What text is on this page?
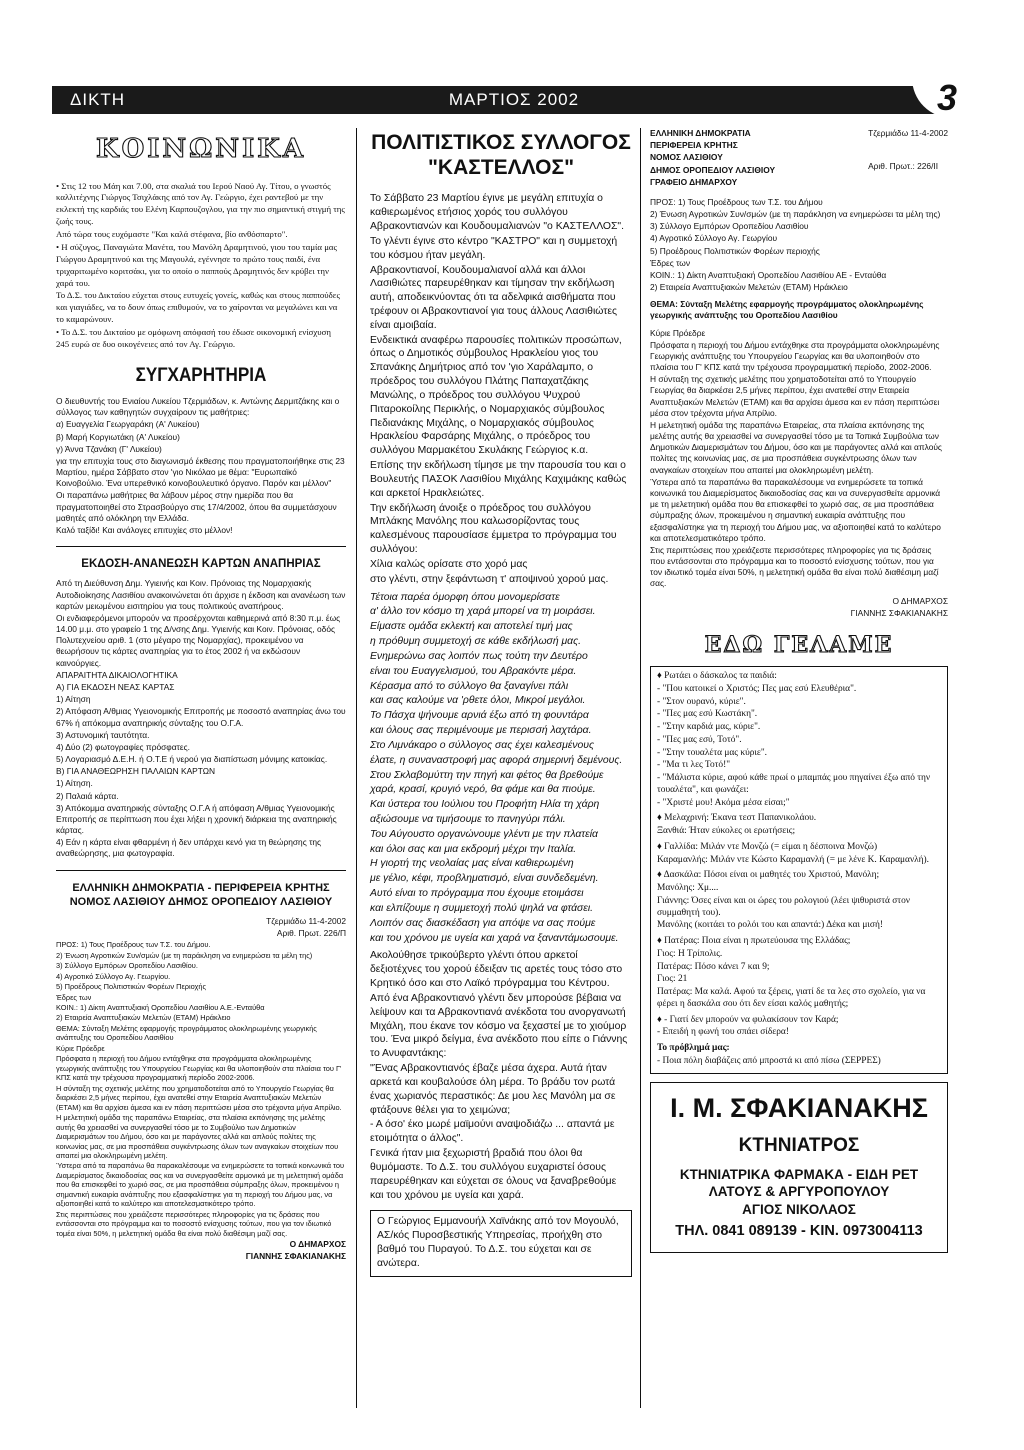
ΔΙΚΤΗ	ΜΑΡΤΙΟΣ 2002	3
ΚΟΙΝΩΝΙΚΑ

• Στις 12 του Μάη και 7.00, στα σκαλιά του Ιερού Ναού Αγ. Τίτου, ο γνωστός καλλιτέχνης Γιώργος Τσιχλάκης από τον Αγ. Γεώργιο, έχει ραντεβού με την εκλεκτή της καρδιάς του Ελένη Καρπουζογλου, για την πιο σημαντική στιγμή της ζωής τους.

Από τώρα τους ευχόμαστε "Και καλά στέφανα, βίο ανθόσπαρτο".

• Η σύζυγος, Παναγιώτα Μανέτα, του Μανόλη Δραμητινού, γιου του ταμία μας Γιώργου Δραμητινού και της Μαγουλά, εγέννησε το πρώτο τους παιδί, ένα τριχαριτωμένο κοριτσάκι, για το οποίο ο παππούς Δραμητινός δεν κρύβει την χαρά του.

Το Δ.Σ. του Δικταίου εύχεται στους ευτυχείς γονείς, καθώς και στους παππούδες και γιαγιάδες, να το δουν όπως επιθυμούν, να το χαίρονται να μεγαλώνει και να το καμαρώνουν.

• Το Δ.Σ. του Δικταίου με ομόφωνη απόφασή του έδωσε οικονομική ενίσχυση 245 ευρώ σε δυο οικογένειες από τον Αγ. Γεώργιο.

ΣΥΓΧΑΡΗΤΗΡΙΑ

Ο διευθυντής του Ενιαίου Λυκείου Τζερμιάδων, κ. Αντώνης Δερμιτζάκης και ο σύλλογος των καθηγητών συγχαίρουν τις μαθήτριες:

α) Ευαγγελία Γεωργαράκη (Α' Λυκείου)

β) Μαρή Κοργιωτάκη (Α' Λυκείου)

γ) Άννα Τζανάκη (Γ' Λυκείου)

για την επιτυχία τους στο διαγωνισμό έκθεσης που πραγματοποιήθηκε στις 23 Μαρτίου, ημέρα Σάββατο στον 'γιο Νικόλαο με θέμα: "Ευρωπαϊκό Κοινοβούλιο. Ένα υπερεθνικό κοινοβουλευτικό όργανο. Παρόν και μέλλον"

Οι παραπάνω μαθήτριες θα λάβουν μέρος στην ημερίδα που θα πραγματοποιηθεί στο Στρασβούργο στις 17/4/2002, όπου θα συμμετάσχουν μαθητές από ολόκληρη την Ελλάδα.

Καλό ταξίδι! Και ανάλογες επιτυχίες στο μέλλον!

ΕΚΔΟΣΗ-ΑΝΑΝΕΩΣΗ ΚΑΡΤΩΝ ΑΝΑΠΗΡΙΑΣ

Από τη Διεύθυνση Δημ. Υγιεινής και Κοιν. Πρόνοιας της Νομαρχιακής Αυτοδιοίκησης Λασιθίου ανακοινώνεται ότι άρχισε η έκδοση και ανανέωση των καρτών μειωμένου εισιτηρίου για τους πολιτικούς αναπήρους.

Οι ενδιαφερόμενοι μπορούν να προσέρχονται καθημερινά από 8:30 π.μ. έως 14.00 μ.μ. στο γραφείο 1 της Δ/νσης Δημ. Υγιεινής και Κοιν. Πρόνοιας, οδός Πολυτεχνείου αριθ. 1 (στο μέγαρο της Νομαρχίας), προκειμένου να θεωρήσουν τις κάρτες αναπηρίας για το έτος 2002 ή να εκδώσουν καινούργιες.

ΑΠΑΡΑΙΤΗΤΑ ΔΙΚΑΙΟΛΟΓΗΤΙΚΑ

Α) ΓΙΑ ΕΚΔΟΣΗ ΝΕΑΣ ΚΑΡΤΑΣ

1) Αίτηση

2) Απόφαση Α/θμιας Υγειονομικής Επιτροπής με ποσοστό αναπηρίας άνω του 67% ή απόκομμα αναπηρικής σύνταξης του Ο.Γ.Α.

3) Αστυνομική ταυτότητα.

4) Δύο (2) φωτογραφίες πρόσφατες.

5) Λογαριασμό Δ.Ε.Η. ή Ο.Τ.Ε ή νερού για διαπίστωση μόνιμης κατοικίας.

Β) ΓΙΑ ΑΝΑΘΕΩΡΗΣΗ ΠΑΛΑΙΩΝ ΚΑΡΤΩΝ

1) Αίτηση.

2) Παλαιά κάρτα.

3) Απόκομμα αναπηρικής σύνταξης Ο.Γ.Α ή απόφαση Α/θμιας Υγειονομικής Επιτροπής σε περίπτωση που έχει λήξει η χρονική διάρκεια της αναπηρικής κάρτας.

4) Εάν η κάρτα είναι φθαρμένη ή δεν υπάρχει κενό για τη θεώρησης της αναθεώρησης, μια φωτογραφία.

ΕΛΛΗΝΙΚΗ ΔΗΜΟΚΡΑΤΙΑ - ΠΕΡΙΦΕΡΕΙΑ ΚΡΗΤΗΣ ΝΟΜΟΣ ΛΑΣΙΘΙΟΥ ΔΗΜΟΣ ΟΡΟΠΕΔΙΟΥ ΛΑΣΙΘΙΟΥ

Τζερμιάδω 11-4-2002

Αριθ. Πρωτ. 226/Π

ΠΡΟΣ: 1) Τους Προέδρους των Τ.Σ. του Δήμου.

2) Ένωση Αγροτικών Συν/σμών (με τη παράκληση να ενημερώσει τα μέλη της)

3) Σύλλογο Εμπόρων Οροπεδίου Λασιθίου.

4) Αγροτικό Σύλλογο Αγ. Γεωργίου.

5) Προέδρους Πολιτιστικών Φορέων Περιοχής

Έδρες των

ΚΟΙΝ.: 1) Δίκτη Αναπτυξιακή Οροπεδίου Λασιθίου Α.Ε.-Ενταύθα

2) Εταιρεία Αναπτυξιακών Μελετών (ΕΤΑΜ) Ηράκλειο

ΘΕΜΑ: Σύνταξη Μελέτης εφαρμογής προγράμματος ολοκληρωμένης γεωργικής ανάπτυξης του Οροπεδίου Λασιθίου

Κύριε Πρόεδρε

Πρόσφατα η περιοχή του Δήμου εντάχθηκε στα προγράμματα ολοκληρωμένης γεωργικής ανάπτυξης του Υπουργείου Γεωργίας και θα υλοποιηθούν στα πλαίσια του Γ' ΚΠΣ κατά την τρέχουσα προγραμματική περίοδο 2002-2006.

Η σύνταξη της σχετικής μελέτης που χρηματοδοτείται από το Υπουργείο Γεωργίας θα διαρκέσει 2,5 μήνες περίπου, έχει ανατεθεί στην Εταιρεία Αναπτυξιακών Μελετών (ΕΤΑΜ) και θα αρχίσει άμεσα και εν πάση περιπτώσει μέσα στο τρέχοντα μήνα Απρίλιο.

Η μελετητική ομάδα της παραπάνω Εταιρείας, στα πλαίσια εκπόνησης της μελέτης αυτής θα χρειασθεί να συνεργασθεί τόσο με το Συμβούλιο των Δημοτικών Διαμερισμάτων του Δήμου, όσο και με παράγοντες αλλά και απλούς πολίτες της κοινωνίας μας, σε μια προσπάθεια συγκέντρωσης όλων των αναγκαίων στοιχείων που απαιτεί μια ολοκληρωμένη μελέτη.

Ύστερα από τα παραπάνω θα παρακαλέσουμε να ενημερώσετε τα τοπικά κοινωνικά του Διαμερίσματος δικαιοδοσίας σας και να συνεργασθείτε αρμονικά με τη μελετητική ομάδα που θα επισκεφθεί το χωριό σας, σε μια προσπάθεια σύμπραξης όλων, προκειμένου η σημαντική ευκαιρία ανάπτυξης που εξασφαλίστηκε για τη περιοχή του Δήμου μας, να αξιοποιηθεί κατά το καλύτερο και αποτελεσματικότερο τρόπο.

Στις περιπτώσεις που χρειάζεστε περισσότερες πληροφορίες για τις δράσεις που εντάσσονται στο πρόγραμμα και το ποσοστό ενίσχυσης τούτων, που για τον ιδιωτικό τομέα είναι 50%, η μελετητική ομάδα θα είναι πολύ διαθέσιμη μαζί σας.

Ο ΔΗΜΑΡΧΟΣ

ΓΙΑΝΝΗΣ ΣΦΑΚΙΑΝΑΚΗΣ

ΠΟΛΙΤΙΣΤΙΚΟΣ ΣΥΛΛΟΓΟΣ "ΚΑΣΤΕΛΛΟΣ"

Το Σάββατο 23 Μαρτίου έγινε με μεγάλη επιτυχία ο καθιερωμένος ετήσιος χορός του συλλόγου Αβρακοντιανών και Κουδουμαλιανών "ο ΚΑΣΤΕΛΛΟΣ".

Το γλέντι έγινε στο κέντρο "ΚΑΣΤΡΟ" και η συμμετοχή του κόσμου ήταν μεγάλη.

Αβρακοντιανοί, Κουδουμαλιανοί αλλά και άλλοι Λασιθιώτες παρευρέθηκαν και τίμησαν την εκδήλωση αυτή, αποδεικνύοντας ότι τα αδελφικά αισθήματα που τρέφουν οι Αβρακοντιανοί για τους άλλους Λασιθιώτες είναι αμοιβαία.

Ενδεικτικά αναφέρω παρουσίες πολιτικών προσώπων, όπως ο Δημοτικός σύμβουλος Ηρακλείου γιος του Σπανάκης Δημήτριος από τον 'γιο Χαράλαμπο, ο πρόεδρος του συλλόγου Πλάτης Παπαχατζάκης Μανώλης, ο πρόεδρος του συλλόγου Ψυχρού Πιταροκοίλης Περικλής, ο Νομαρχιακός σύμβουλος Πεδιανάκης Μιχάλης, ο Νομαρχιακός σύμβουλος Ηρακλείου Φαρσάρης Μιχάλης, ο πρόεδρος του συλλόγου Μαρμακέτου Σκυλάκης Γεώργιος κ.α.

Επίσης την εκδήλωση τίμησε με την παρουσία του και ο Βουλευτής ΠΑΣΟΚ Λασιθίου Μιχάλης Καχιμάκης καθώς και αρκετοί Ηρακλειώτες.

Την εκδήλωση άνοιξε ο πρόεδρος του συλλόγου Μπλάκης Μανόλης που καλωσορίζοντας τους καλεσμένους παρουσίασε έμμετρα το πρόγραμμα του συλλόγου:

Χίλια καλώς ορίσατε στο χορό μας

στο γλέντι, στην ξεφάντωση τ' αποψινού χορού μας.

Τέτοια παρέα όμορφη όπου μονομερίσατε

α' άλλο τον κόσμο τη χαρά μπορεί να τη μοιράσει.

Είμαστε ομάδα εκλεκτή και αποτελεί τιμή μας

η πρόθυμη συμμετοχή σε κάθε εκδήλωσή μας.

Ενημερώνω σας λοιπόν πως τούτη την Δευτέρο

είναι του Ευαγγελισμού, του Αβρακόντε μέρα.

Κέρασμα από το σύλλογο θα ξαναγίνει πάλι

και σας καλούμε να 'ρθετε όλοι, Μικροί μεγάλοι.

Το Πάσχα ψήνουμε αρνιά έξω από τη φουντάρα

και όλους σας περιμένουμε με περισσή λαχτάρα.

Στο Λιμνάκαρο ο σύλλογος σας έχει καλεσμένους

έλατε, η συναναστροφή μας αφορά σημερινή δεμένους.

Στου Σκλαβομύττη την πηγή και φέτος θα βρεθούμε

χαρά, κρασί, κρυγιό νερό, θα φάμε και θα πιούμε.

Και ύστερα του Ιούλιου του Προφήτη Ηλία τη χάρη

αξιώσουμε να τιμήσουμε το πανηγύρι πάλι.

Του Αύγουστο οργανώνουμε γλέντι με την πλατεία

και όλοι σας και μια εκδρομή μέχρι την Ιταλία.

Η γιορτή της νεολαίας μας είναι καθιερωμένη

με γέλιο, κέφι, προβληματισμό, είναι συνδεδεμένη.

Αυτό είναι το πρόγραμμα που έχουμε ετοιμάσει

και ελπίζουμε η συμμετοχή πολύ ψηλά να φτάσει.

Λοιπόν σας διασκέδαση για απόψε να σας πούμε

και του χρόνου με υγεία και χαρά να ξαναντάμωσουμε.

Ακολούθησε τρικούβερτο γλέντι όπου αρκετοί δεξιοτέχνες του χορού έδειξαν τις αρετές τους τόσο στο Κρητικό όσο και στο Λαϊκό πρόγραμμα του Κέντρου.

Από ένα Αβρακοντιανό γλέντι δεν μπορούσε βέβαια να λείψουν και τα Αβρακοντιανά ανέκδοτα του ανοργανωτή Μιχάλη, που έκανε τον κόσμο να ξεχαστεί με το χιούμορ του. Ένα μικρό δείγμα, ένα ανέκδοτο που είπε ο Γιάννης το Ανυφαντάκης:

"Ένας Αβρακοντιανός έβαζε μέσα άχερα. Αυτά ήταν αρκετά και κουβαλούσε όλη μέρα. Το βράδυ τον ρωτά ένας χωριανός περαστικός: Δε μου λες Μανόλη μα σε φτάξουνε θέλει για το χειμώνα;

- Α όσο' έκο μωρέ μαϊμούνι αναψοδιάζω ... απαντά με ετοιμότητα ο άλλος".

Γενικά ήταν μια ξεχωριστή βραδιά που όλοι θα θυμόμαστε. Το Δ.Σ. του συλλόγου ευχαριστεί όσους παρευρέθηκαν και εύχεται σε όλους να ξαναβρεθούμε και του χρόνου με υγεία και χαρά.

Ο Γεώργιος Εμμανουήλ Χαϊνάκης από τον Μογουλό, ΑΣ/κός Πυροσβεστικής Υπηρεσίας, προήχθη στο βαθμό του Πυραγού. Το Δ.Σ. του εύχεται και σε ανώτερα.

ΕΛΛΗΝΙΚΗ ΔΗΜΟΚΡΑΤΙΑ

ΠΕΡΙΦΕΡΕΙΑ ΚΡΗΤΗΣ

ΝΟΜΟΣ ΛΑΣΙΘΙΟΥ

ΔΗΜΟΣ ΟΡΟΠΕΔΙΟΥ ΛΑΣΙΘΙΟΥ

ΓΡΑΦΕΙΟ ΔΗΜΑΡΧΟΥ

Τζερμιάδω 11-4-2002

Αριθ. Πρωτ.: 226/ΙΙ

ΠΡΟΣ: 1) Τους Προέδρους των Τ.Σ. του Δήμου

2) Ένωση Αγροτικών Συν/σμών (με τη παράκληση να ενημερώσει τα μέλη της)

3) Σύλλογο Εμπόρων Οροπεδίου Λασιθίου

4) Αγροτικό Σύλλογο Αγ. Γεωργίου

5) Προέδρους Πολιτιστικών Φορέων περιοχής

Έδρες των

ΚΟΙΝ.: 1) Δίκτη Αναπτυξιακή Οροπεδίου Λασιθίου ΑΕ - Ενταύθα

2) Εταιρεία Αναπτυξιακών Μελετών (ΕΤΑΜ) Ηράκλειο

ΘΕΜΑ: Σύνταξη Μελέτης εφαρμογής προγράμματος ολοκληρωμένης γεωργικής ανάπτυξης του Οροπεδίου Λασιθίου

Κύριε Πρόεδρε

Πρόσφατα η περιοχή του Δήμου εντάχθηκε στα προγράμματα ολοκληρωμένης Γεωργικής ανάπτυξης του Υπουργείου Γεωργίας και θα υλοποιηθούν στο πλαίσια του Γ' ΚΠΣ κατά την τρέχουσα προγραμματική περίοδο, 2002-2006.

Η σύνταξη της σχετικής μελέτης που χρηματοδοτείται από το Υπουργείο Γεωργίας θα διαρκέσει 2,5 μήνες περίπου, έχει ανατεθεί στην Εταιρεία Αναπτυξιακών Μελετών (ΕΤΑΜ) και θα αρχίσει άμεσα και εν πάση περιπτώσει μέσα στον τρέχοντα μήνα Απρίλιο.

Η μελετητική ομάδα της παραπάνω Εταιρείας, στα πλαίσια εκπόνησης της μελέτης αυτής θα χρειασθεί να συνεργασθεί τόσο με τα Τοπικά Συμβούλια των Δημοτικών Διαμερισμάτων του Δήμου, όσο και με παράγοντες αλλά και απλούς πολίτες της κοινωνίας μας, σε μια προσπάθεια συγκέντρωσης όλων των αναγκαίων στοιχείων που απαιτεί μια ολοκληρωμένη μελέτη.

Ύστερα από τα παραπάνω θα παρακαλέσουμε να ενημερώσετε τα τοπικά κοινωνικά του Διαμερίσματος δικαιοδοσίας σας και να συνεργασθείτε αρμονικά με τη μελετητική ομάδα που θα επισκεφθεί το χωριό σας, σε μια προσπάθεια σύμπραξης όλων, προκειμένου η σημαντική ευκαιρία ανάπτυξης που εξασφαλίστηκε για τη περιοχή του Δήμου μας, να αξιοποιηθεί κατά το καλύτερο και αποτελεσματικότερο τρόπο.

Στις περιπτώσεις που χρειάζεστε περισσότερες πληροφορίες για τις δράσεις που εντάσσονται στο πρόγραμμα και το ποσοστό ενίσχυσης τούτων, που για τον ιδιωτικό τομέα είναι 50%, η μελετητική ομάδα θα είναι πολύ διαθέσιμη μαζί σας.

Ο ΔΗΜΑΡΧΟΣ

ΓΙΑΝΝΗΣ ΣΦΑΚΙΑΝΑΚΗΣ

ΕΔΩ ΓΕΛΑΜΕ

♦ Ρωτάει ο δάσκαλος τα παιδιά:

- "Που κατοικεί ο Χριστός; Πες μας εσύ Ελευθέρια".

- "Στον ουρανό, κύριε".

- "Πες μας εσύ Κωστάκη".

- "Στην καρδιά μας, κύριε".

- "Πες μας εσύ, Τοτό".

- "Στην τουαλέτα μας κύριε".

- "Μα τι λες Τοτό!"

- "Μάλιστα κύριε, αφού κάθε πρωί ο μπαμπάς μου πηγαίνει έξω από την τουαλέτα", και φωνάζει:

- "Χριστέ μου! Ακόμα μέσα είσαι;"

♦ Μελαχρινή: Έκανα τεστ Παπανικολάου.

Ξανθιά: Ήταν εύκολες οι ερωτήσεις;

♦ Γαλλίδα: Μιλάν ντε Μονζώ (= είμαι η δέσποινα Μονζώ)

Καραμανλής: Μιλάν ντε Κώστο Καραμανλή (= με λένε Κ. Καραμανλή).

♦ Δασκάλα: Πόσοι είναι οι μαθητές του Χριστού, Μανόλη;

Μανόλης: Χμ....

Γιάννης: Όσες είναι και οι ώρες του ρολογιού (λέει ψιθυριστά στον συμμαθητή του).

Μανόλης (κοιτάει το ρολόι του και απαντά:) Δέκα και μισή!

♦ Πατέρας: Ποια είναι η πρωτεύουσα της Ελλάδας;

Γιος: Η Τρίπολις.

Πατέρας: Πόσο κάνει 7 και 9;

Γιος: 21

Πατέρας: Μα καλά. Αφού τα ξέρεις, γιατί δε τα λες στο σχολείο, για να φέρει η δασκάλα σου ότι δεν είσαι καλός μαθητής;

♦ - Γιατί δεν μπορούν να φυλακίσουν τον Καρά;

- Επειδή η φωνή του σπάει σίδερα!

Το πρόβλημά μας:

- Ποια πόλη διαβάζεις από μπροστά κι από πίσω (ΣΕΡΡΕΣ)

Ι. Μ. ΣΦΑΚΙΑΝΑΚΗΣ
ΚΤΗΝΙΑΤΡΟΣ
ΚΤΗΝΙΑΤΡΙΚΑ ΦΑΡΜΑΚΑ - ΕΙΔΗ PET
ΛΑΤΟΥΣ & ΑΡΓΥΡΟΠΟΥΛΟΥ
ΑΓΙΟΣ ΝΙΚΟΛΑΟΣ
ΤΗΛ. 0841 089139 - ΚΙΝ. 0973004113
